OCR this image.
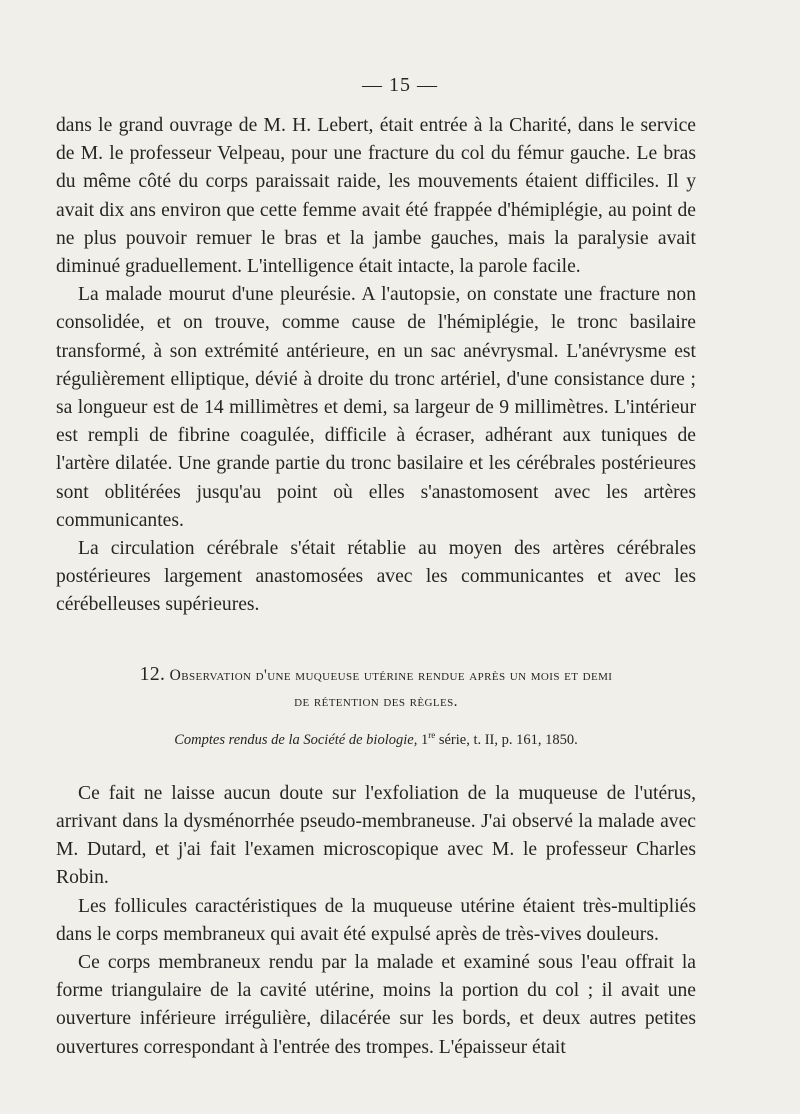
— 15 —

dans le grand ouvrage de M. H. Lebert, était entrée à la Charité, dans le service de M. le professeur Velpeau, pour une fracture du col du fémur gauche. Le bras du même côté du corps paraissait raide, les mouvements étaient difficiles. Il y avait dix ans environ que cette femme avait été frappée d'hémiplégie, au point de ne plus pouvoir remuer le bras et la jambe gauches, mais la paralysie avait diminué graduellement. L'intelligence était intacte, la parole facile.

La malade mourut d'une pleurésie. A l'autopsie, on constate une fracture non consolidée, et on trouve, comme cause de l'hémiplégie, le tronc basilaire transformé, à son extrémité antérieure, en un sac anévrysmal. L'anévrysme est régulièrement elliptique, dévié à droite du tronc artériel, d'une consistance dure ; sa longueur est de 14 millimètres et demi, sa largeur de 9 millimètres. L'intérieur est rempli de fibrine coagulée, difficile à écraser, adhérant aux tuniques de l'artère dilatée. Une grande partie du tronc basilaire et les cérébrales postérieures sont oblitérées jusqu'au point où elles s'anastomosent avec les artères communicantes.

La circulation cérébrale s'était rétablie au moyen des artères cérébrales postérieures largement anastomosées avec les communicantes et avec les cérébelleuses supérieures.

12. Observation d'une muqueuse utérine rendue après un mois et demi
de rétention des règles.
Comptes rendus de la Société de biologie, 1re série, t. II, p. 161, 1850.

Ce fait ne laisse aucun doute sur l'exfoliation de la muqueuse de l'utérus, arrivant dans la dysménorrhée pseudo-membraneuse. J'ai observé la malade avec M. Dutard, et j'ai fait l'examen microscopique avec M. le professeur Charles Robin.

Les follicules caractéristiques de la muqueuse utérine étaient très-multipliés dans le corps membraneux qui avait été expulsé après de très-vives douleurs.

Ce corps membraneux rendu par la malade et examiné sous l'eau offrait la forme triangulaire de la cavité utérine, moins la portion du col ; il avait une ouverture inférieure irrégulière, dilacérée sur les bords, et deux autres petites ouvertures correspondant à l'entrée des trompes. L'épaisseur était
